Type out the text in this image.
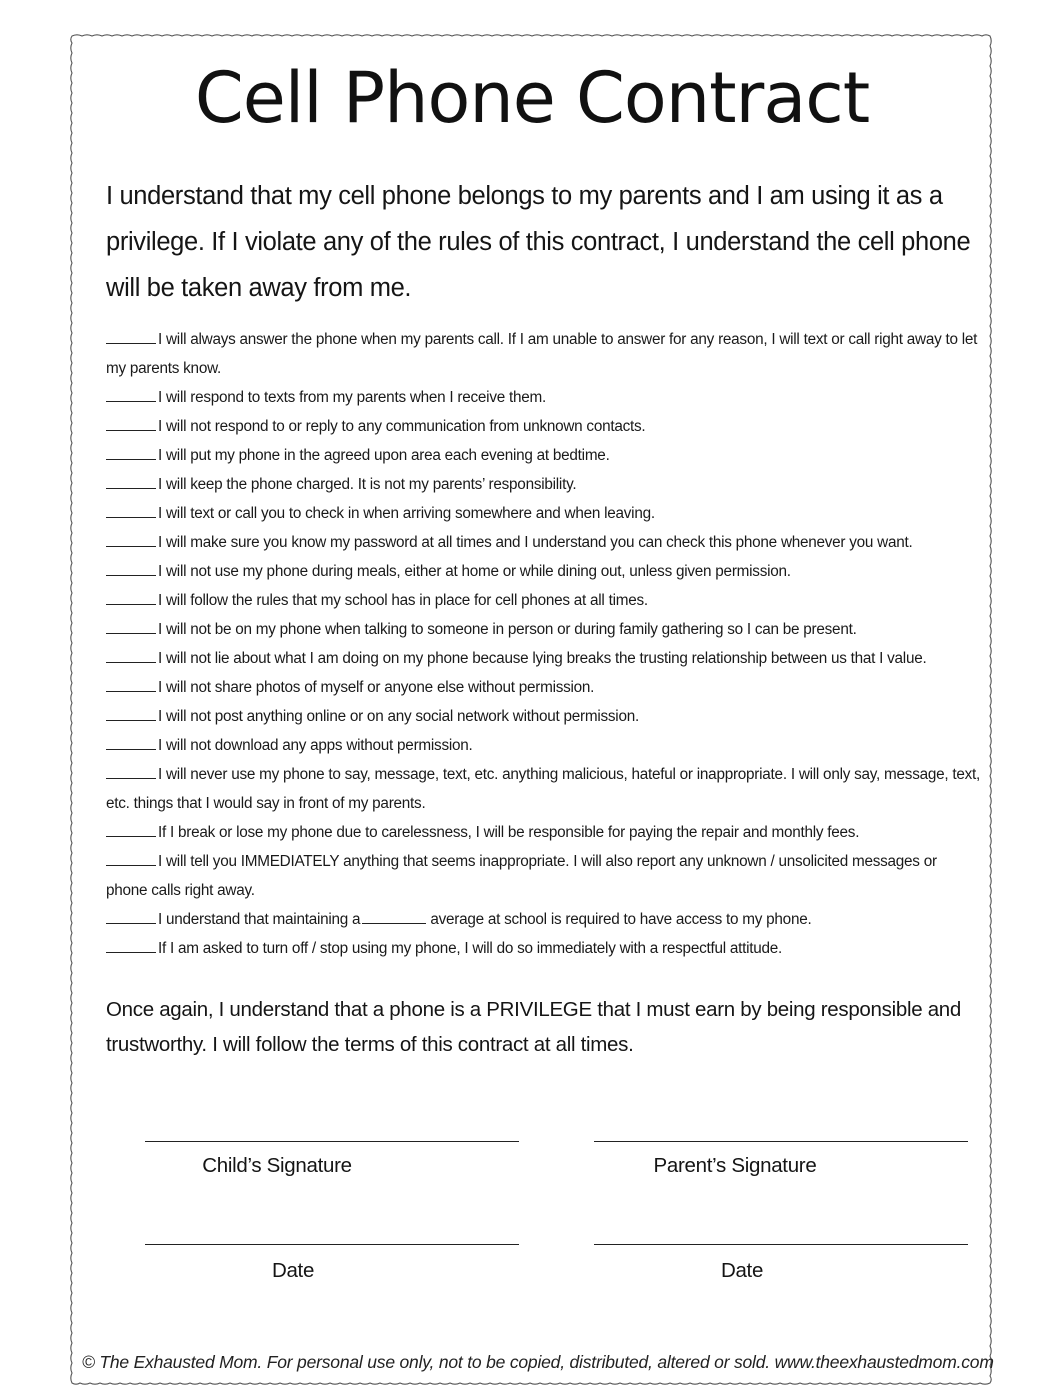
Cell Phone Contract

I understand that my cell phone belongs to my parents and I am using it as a privilege. If I violate any of the rules of this contract, I understand the cell phone will be taken away from me.

I will always answer the phone when my parents call. If I am unable to answer for any reason, I will text or call right away to let my parents know.
I will respond to texts from my parents when I receive them.
I will not respond to or reply to any communication from unknown contacts.
I will put my phone in the agreed upon area each evening at bedtime.
I will keep the phone charged. It is not my parents’ responsibility.
I will text or call you to check in when arriving somewhere and when leaving.
I will make sure you know my password at all times and I understand you can check this phone whenever you want.
I will not use my phone during meals, either at home or while dining out, unless given permission.
I will follow the rules that my school has in place for cell phones at all times.
I will not be on my phone when talking to someone in person or during family gathering so I can be present.
I will not lie about what I am doing on my phone because lying breaks the trusting relationship between us that I value.
I will not share photos of myself or anyone else without permission.
I will not post anything online or on any social network without permission.
I will not download any apps without permission.
I will never use my phone to say, message, text, etc. anything malicious, hateful or inappropriate. I will only say, message, text, etc. things that I would say in front of my parents.
If I break or lose my phone due to carelessness, I will be responsible for paying the repair and monthly fees.
I will tell you IMMEDIATELY anything that seems inappropriate. I will also report any unknown / unsolicited messages or phone calls right away.
I understand that maintaining a	average at school is required to have access to my phone.
If I am asked to turn off / stop using my phone, I will do so immediately with a respectful attitude.

Once again, I understand that a phone is a PRIVILEGE that I must earn by being responsible and trustworthy. I will follow the terms of this contract at all times.

Child’s Signature	Parent’s Signature
Date	Date
© The Exhausted Mom. For personal use only, not to be copied, distributed, altered or sold. www.theexhaustedmom.com
